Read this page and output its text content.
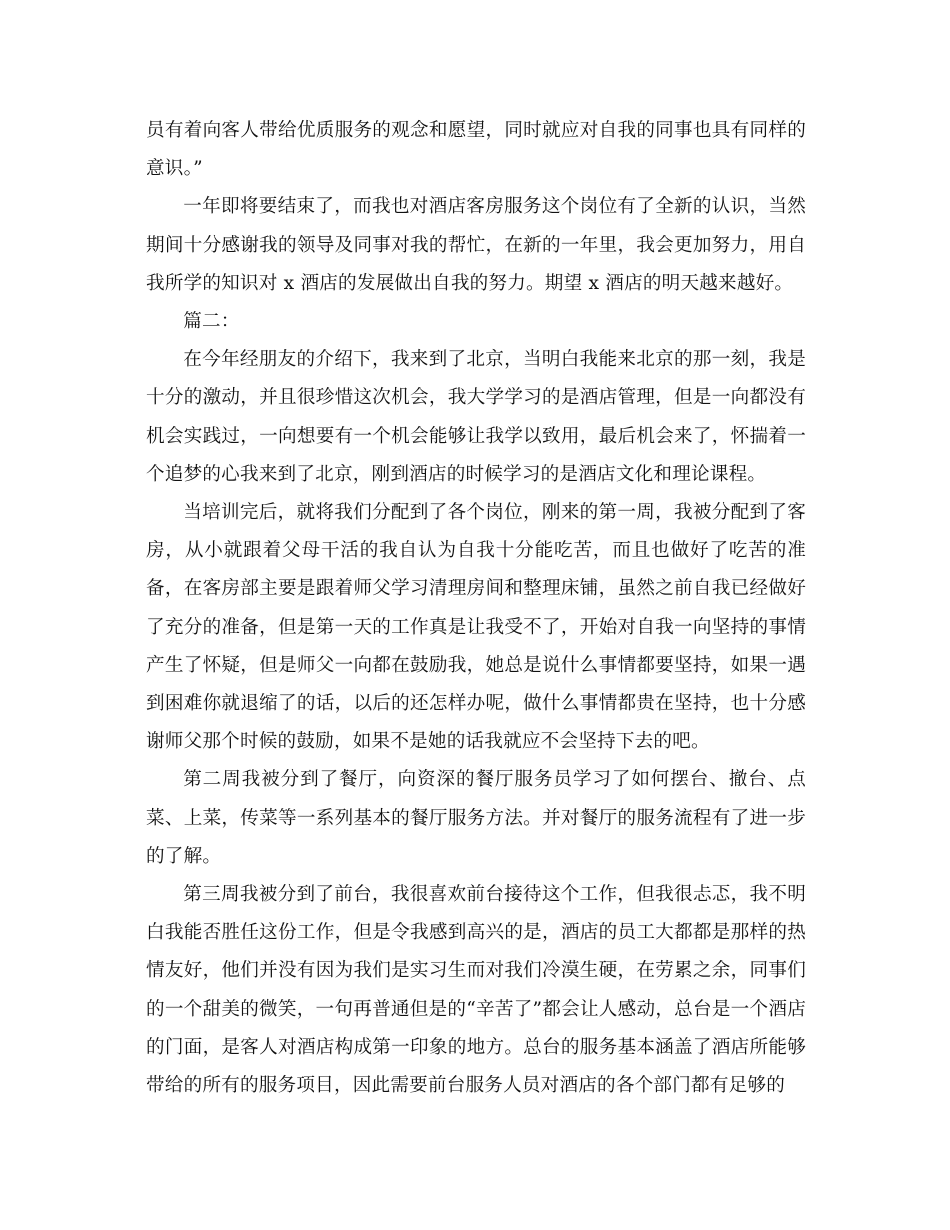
员有着向客人带给优质服务的观念和愿望，同时就应对自我的同事也具有同样的意识。”

一年即将要结束了，而我也对酒店客房服务这个岗位有了全新的认识，当然期间十分感谢我的领导及同事对我的帮忙，在新的一年里，我会更加努力，用自我所学的知识对 x 酒店的发展做出自我的努力。期望 x 酒店的明天越来越好。

篇二：

在今年经朋友的介绍下，我来到了北京，当明白我能来北京的那一刻，我是十分的激动，并且很珍惜这次机会，我大学学习的是酒店管理，但是一向都没有机会实践过，一向想要有一个机会能够让我学以致用，最后机会来了，怀揣着一个追梦的心我来到了北京，刚到酒店的时候学习的是酒店文化和理论课程。

当培训完后，就将我们分配到了各个岗位，刚来的第一周，我被分配到了客房，从小就跟着父母干活的我自认为自我十分能吃苦，而且也做好了吃苦的准备，在客房部主要是跟着师父学习清理房间和整理床铺，虽然之前自我已经做好了充分的准备，但是第一天的工作真是让我受不了，开始对自我一向坚持的事情产生了怀疑，但是师父一向都在鼓励我，她总是说什么事情都要坚持，如果一遇到困难你就退缩了的话，以后的还怎样办呢，做什么事情都贵在坚持，也十分感谢师父那个时候的鼓励，如果不是她的话我就应不会坚持下去的吧。

第二周我被分到了餐厅，向资深的餐厅服务员学习了如何摆台、撤台、点菜、上菜，传菜等一系列基本的餐厅服务方法。并对餐厅的服务流程有了进一步的了解。

第三周我被分到了前台，我很喜欢前台接待这个工作，但我很忐忑，我不明白我能否胜任这份工作，但是令我感到高兴的是，酒店的员工大都都是那样的热情友好，他们并没有因为我们是实习生而对我们冷漠生硬，在劳累之余，同事们的一个甜美的微笑，一句再普通但是的“辛苦了”都会让人感动，总台是一个酒店的门面，是客人对酒店构成第一印象的地方。总台的服务基本涵盖了酒店所能够带给的所有的服务项目，因此需要前台服务人员对酒店的各个部门都有足够的
